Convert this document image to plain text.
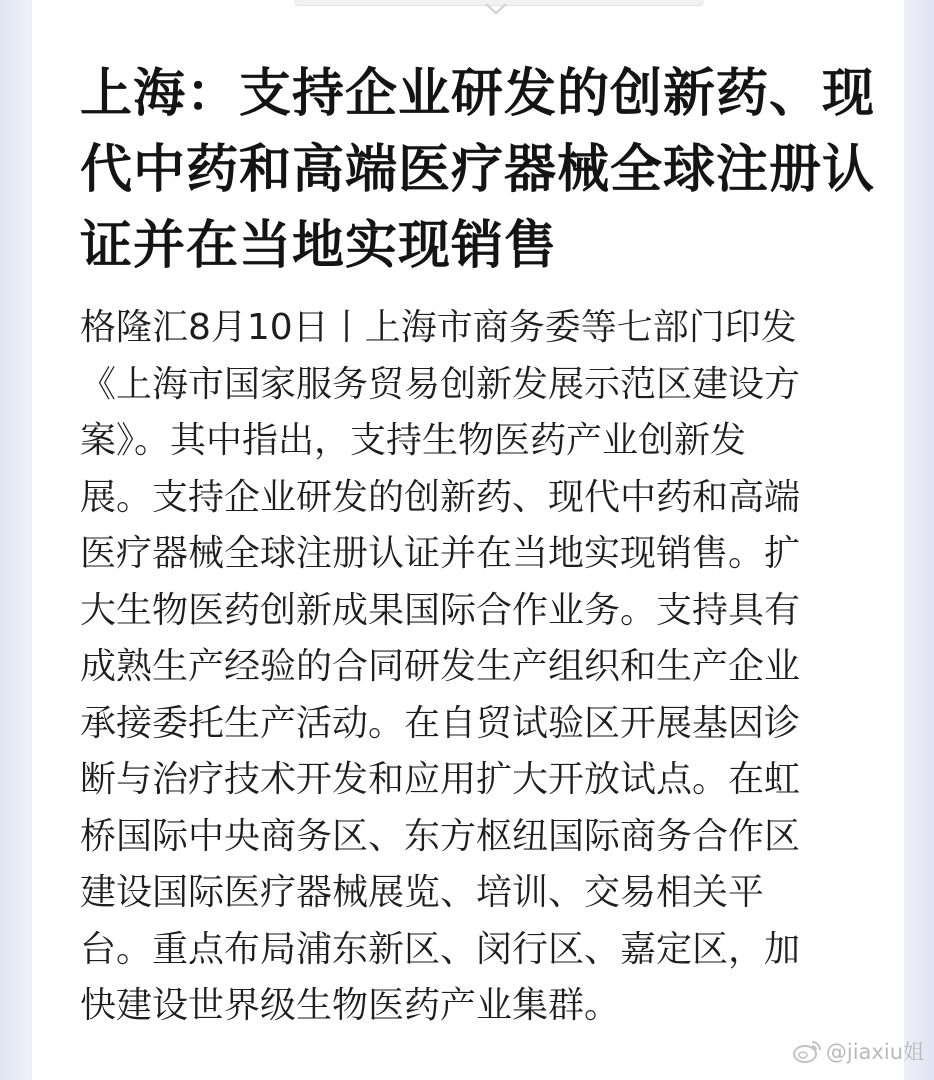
上海：支持企业研发的创新药、现
代中药和高端医疗器械全球注册认
证并在当地实现销售
格隆汇8月10日丨上海市商务委等七部门印发
《上海市国家服务贸易创新发展示范区建设方
案》。其中指出，支持生物医药产业创新发
展。支持企业研发的创新药、现代中药和高端
医疗器械全球注册认证并在当地实现销售。扩
大生物医药创新成果国际合作业务。支持具有
成熟生产经验的合同研发生产组织和生产企业
承接委托生产活动。在自贸试验区开展基因诊
断与治疗技术开发和应用扩大开放试点。在虹
桥国际中央商务区、东方枢纽国际商务合作区
建设国际医疗器械展览、培训、交易相关平
台。重点布局浦东新区、闵行区、嘉定区，加
快建设世界级生物医药产业集群。
@jiaxiu姐
